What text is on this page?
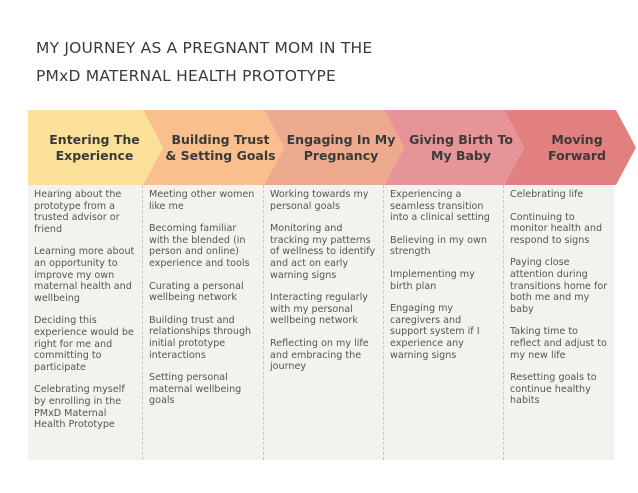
MY JOURNEY AS A PREGNANT MOM IN THE
PMxD MATERNAL HEALTH PROTOTYPE
Entering The Experience
Building Trust & Setting Goals
Engaging In My Pregnancy
Giving Birth To My Baby
Moving Forward

Hearing about the prototype from a trusted advisor or friend

Learning more about an opportunity to improve my own maternal health and wellbeing

Deciding this experience would be right for me and committing to participate

Celebrating myself by enrolling in the PMxD Maternal Health Prototype

Meeting other women like me

Becoming familiar with the blended (in person and online) experience and tools

Curating a personal wellbeing network

Building trust and relationships through initial prototype interactions

Setting personal maternal wellbeing goals

Working towards my personal goals

Monitoring and tracking my patterns of wellness to identify and act on early warning signs

Interacting regularly with my personal wellbeing network

Reflecting on my life and embracing the journey

Experiencing a seamless transition into a clinical setting

Believing in my own strength

Implementing my birth plan

Engaging my caregivers and support system if I experience any warning signs

Celebrating life

Continuing to monitor health and respond to signs

Paying close attention during transitions home for both me and my baby

Taking time to reflect and adjust to my new life

Resetting goals to continue healthy habits
